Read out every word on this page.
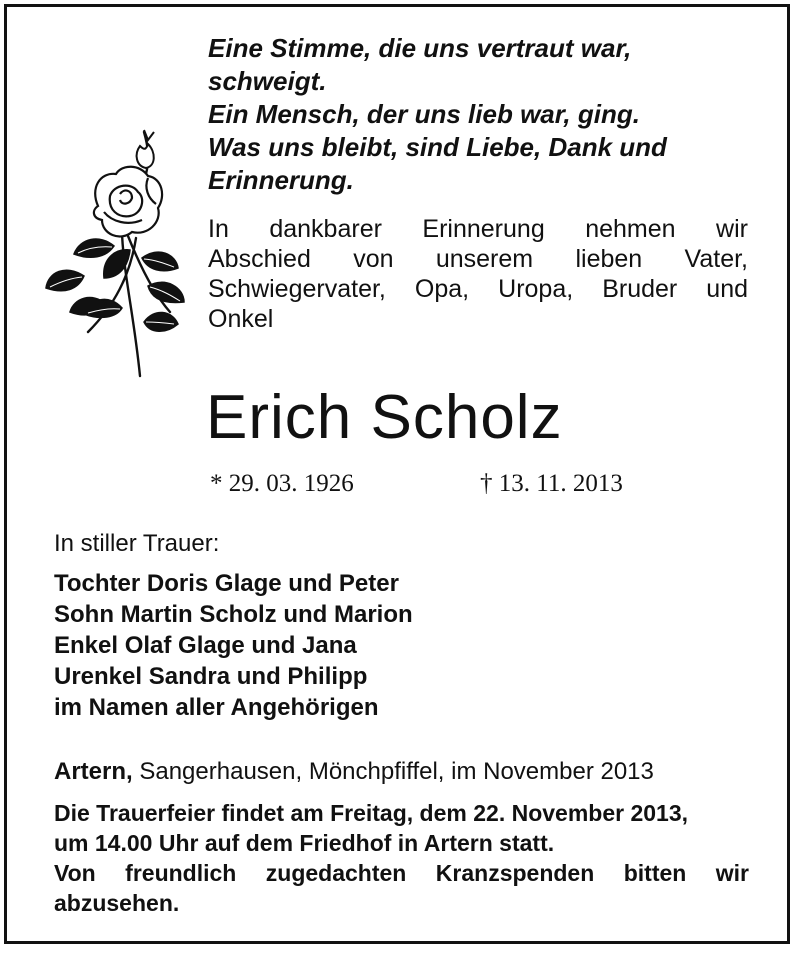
Eine Stimme, die uns vertraut war,
schweigt.
Ein Mensch, der uns lieb war, ging.
Was uns bleibt, sind Liebe, Dank und
Erinnerung.
In dankbarer Erinnerung nehmen wir
Abschied von unserem lieben Vater,
Schwiegervater, Opa, Uropa, Bruder und
Onkel
Erich Scholz
* 29. 03. 1926	† 13. 11. 2013
In stiller Trauer:
Tochter Doris Glage und Peter
Sohn Martin Scholz und Marion
Enkel Olaf Glage und Jana
Urenkel Sandra und Philipp
im Namen aller Angehörigen
Artern, Sangerhausen, Mönchpfiffel, im November 2013
Die Trauerfeier findet am Freitag, dem 22. November 2013,
um 14.00 Uhr auf dem Friedhof in Artern statt.
Von freundlich zugedachten Kranzspenden bitten wir
abzusehen.
